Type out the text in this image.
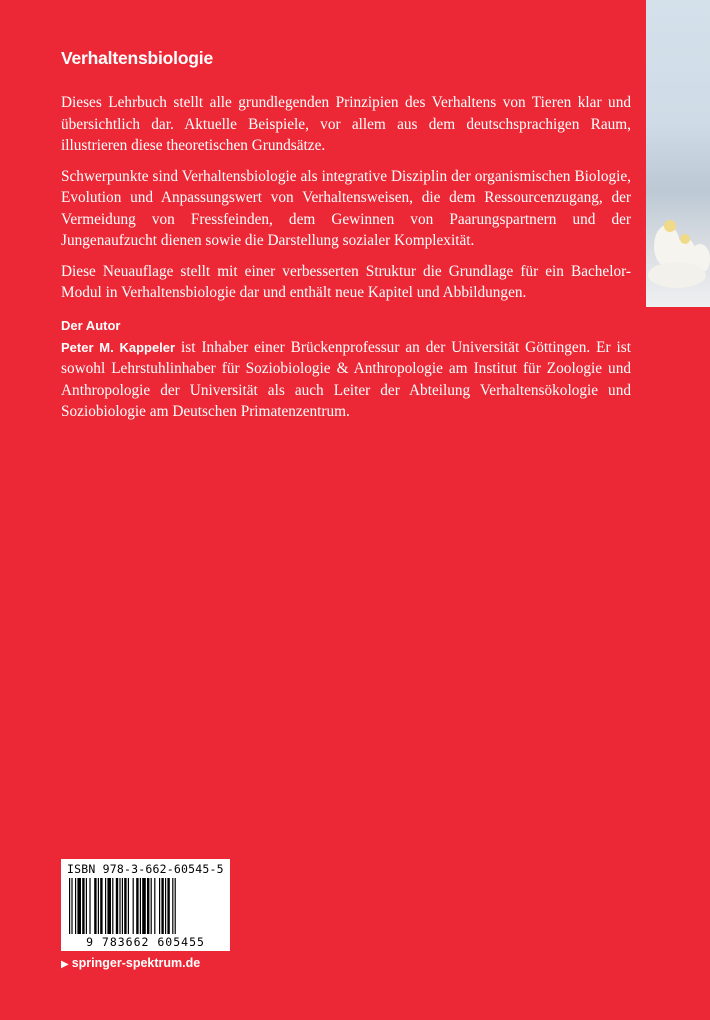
Verhaltensbiologie

Dieses Lehrbuch stellt alle grundlegenden Prinzipien des Verhaltens von Tieren klar und übersichtlich dar. Aktuelle Beispiele, vor allem aus dem deutschsprachigen Raum, illustrieren diese theoretischen Grundsätze.

Schwerpunkte sind Verhaltensbiologie als integrative Disziplin der organismischen Biologie, Evolution und Anpassungswert von Verhaltensweisen, die dem Ressourcenzugang, der Vermeidung von Fressfeinden, dem Gewinnen von Paarungspartnern und der Jungenaufzucht dienen sowie die Darstellung sozialer Komplexität.

Diese Neuauflage stellt mit einer verbesserten Struktur die Grundlage für ein Bachelor-Modul in Verhaltensbiologie dar und enthält neue Kapitel und Abbildungen.

Der Autor

Peter M. Kappeler ist Inhaber einer Brückenprofessur an der Universität Göttingen. Er ist sowohl Lehrstuhlinhaber für Soziobiologie & Anthropologie am Institut für Zoologie und Anthropologie der Universität als auch Leiter der Abteilung Verhaltensökologie und Soziobiologie am Deutschen Primatenzentrum.

ISBN 978-3-662-60545-5
9 783662 605455
▶ springer-spektrum.de
